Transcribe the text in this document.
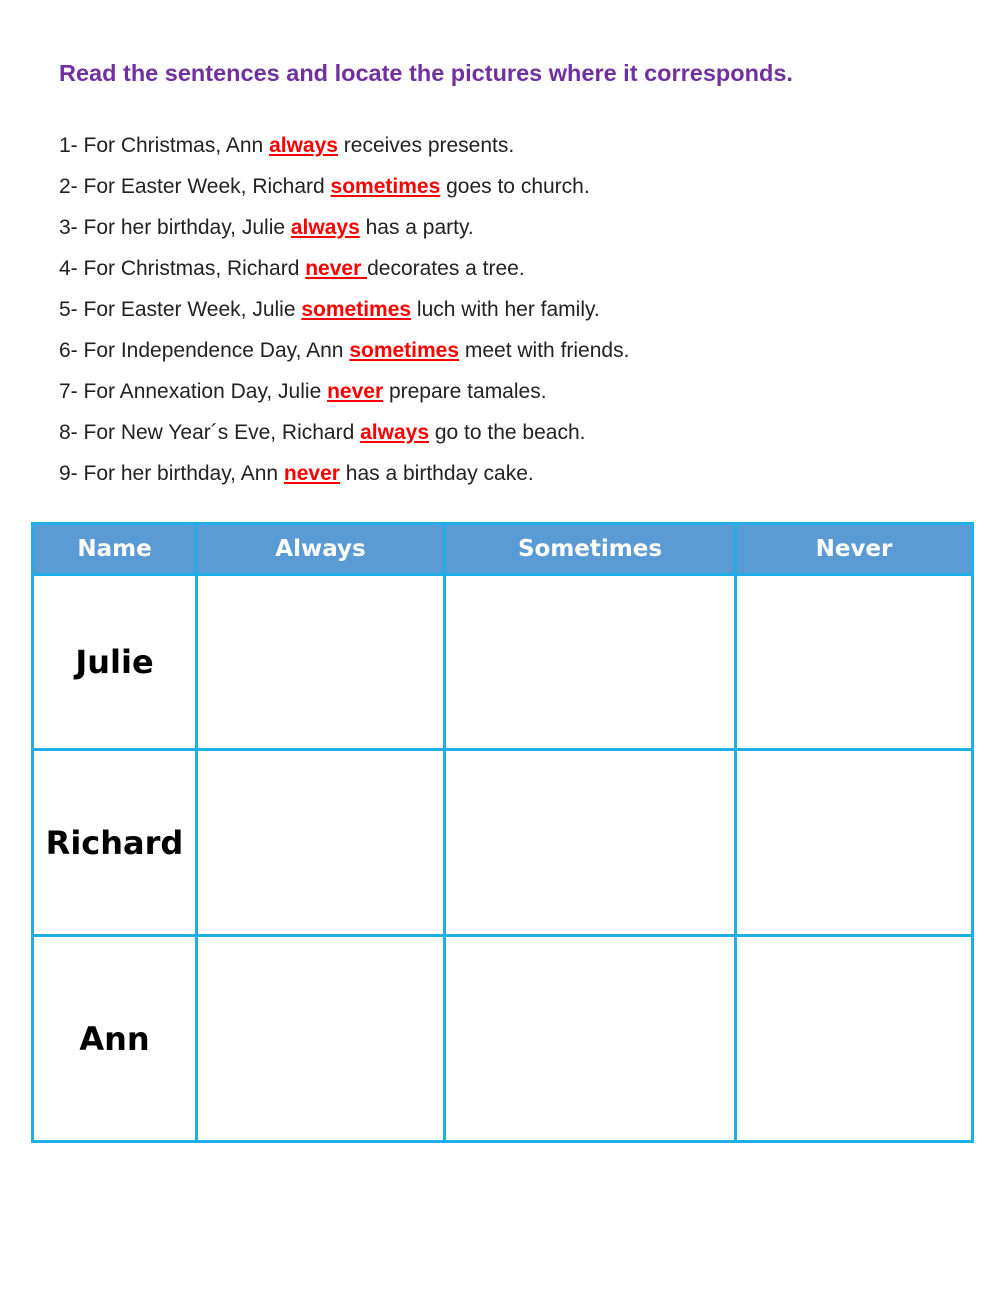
Read the sentences and locate the pictures where it corresponds.
1- For Christmas, Ann always receives presents.
2- For Easter Week, Richard sometimes goes to church.
3- For her birthday, Julie always has a party.
4- For Christmas, Richard never decorates a tree.
5- For Easter Week, Julie sometimes luch with her family.
6- For Independence Day, Ann sometimes meet with friends.
7- For Annexation Day, Julie never prepare tamales.
8- For New Year´s Eve, Richard always go to the beach.
9- For her birthday, Ann never has a birthday cake.
Name	Always	Sometimes	Never
Julie			
Richard			
Ann			
